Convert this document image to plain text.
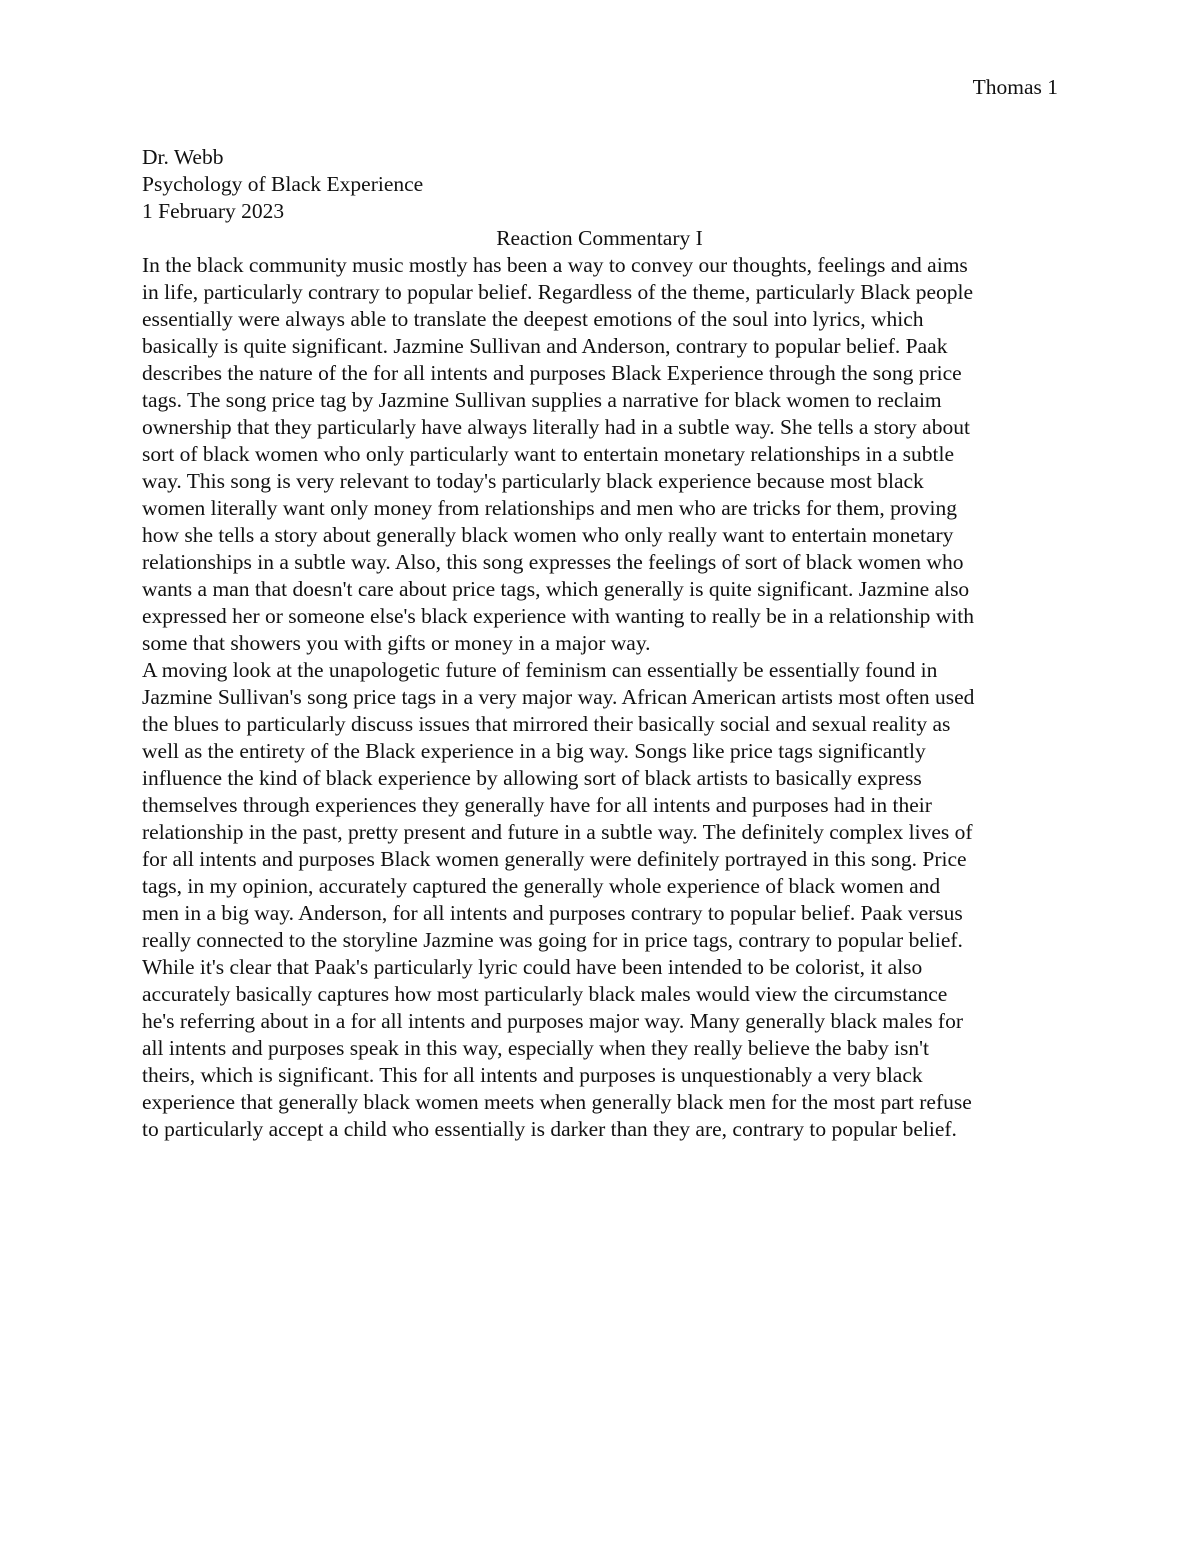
Thomas 1
Dr. Webb
Psychology of Black Experience
1 February 2023
Reaction Commentary I

In the black community music mostly has been a way to convey our thoughts, feelings and aims
in life, particularly contrary to popular belief. Regardless of the theme, particularly Black people
essentially were always able to translate the deepest emotions of the soul into lyrics, which
basically is quite significant. Jazmine Sullivan and Anderson, contrary to popular belief. Paak
describes the nature of the for all intents and purposes Black Experience through the song price
tags. The song price tag by Jazmine Sullivan supplies a narrative for black women to reclaim
ownership that they particularly have always literally had in a subtle way. She tells a story about
sort of black women who only particularly want to entertain monetary relationships in a subtle
way. This song is very relevant to today's particularly black experience because most black
women literally want only money from relationships and men who are tricks for them, proving
how she tells a story about generally black women who only really want to entertain monetary
relationships in a subtle way. Also, this song expresses the feelings of sort of black women who
wants a man that doesn't care about price tags, which generally is quite significant. Jazmine also
expressed her or someone else's black experience with wanting to really be in a relationship with
some that showers you with gifts or money in a major way.

A moving look at the unapologetic future of feminism can essentially be essentially found in
Jazmine Sullivan's song price tags in a very major way. African American artists most often used
the blues to particularly discuss issues that mirrored their basically social and sexual reality as
well as the entirety of the Black experience in a big way. Songs like price tags significantly
influence the kind of black experience by allowing sort of black artists to basically express
themselves through experiences they generally have for all intents and purposes had in their
relationship in the past, pretty present and future in a subtle way. The definitely complex lives of
for all intents and purposes Black women generally were definitely portrayed in this song. Price
tags, in my opinion, accurately captured the generally whole experience of black women and
men in a big way. Anderson, for all intents and purposes contrary to popular belief. Paak versus
really connected to the storyline Jazmine was going for in price tags, contrary to popular belief.
While it's clear that Paak's particularly lyric could have been intended to be colorist, it also
accurately basically captures how most particularly black males would view the circumstance
he's referring about in a for all intents and purposes major way. Many generally black males for
all intents and purposes speak in this way, especially when they really believe the baby isn't
theirs, which is significant. This for all intents and purposes is unquestionably a very black
experience that generally black women meets when generally black men for the most part refuse
to particularly accept a child who essentially is darker than they are, contrary to popular belief.
